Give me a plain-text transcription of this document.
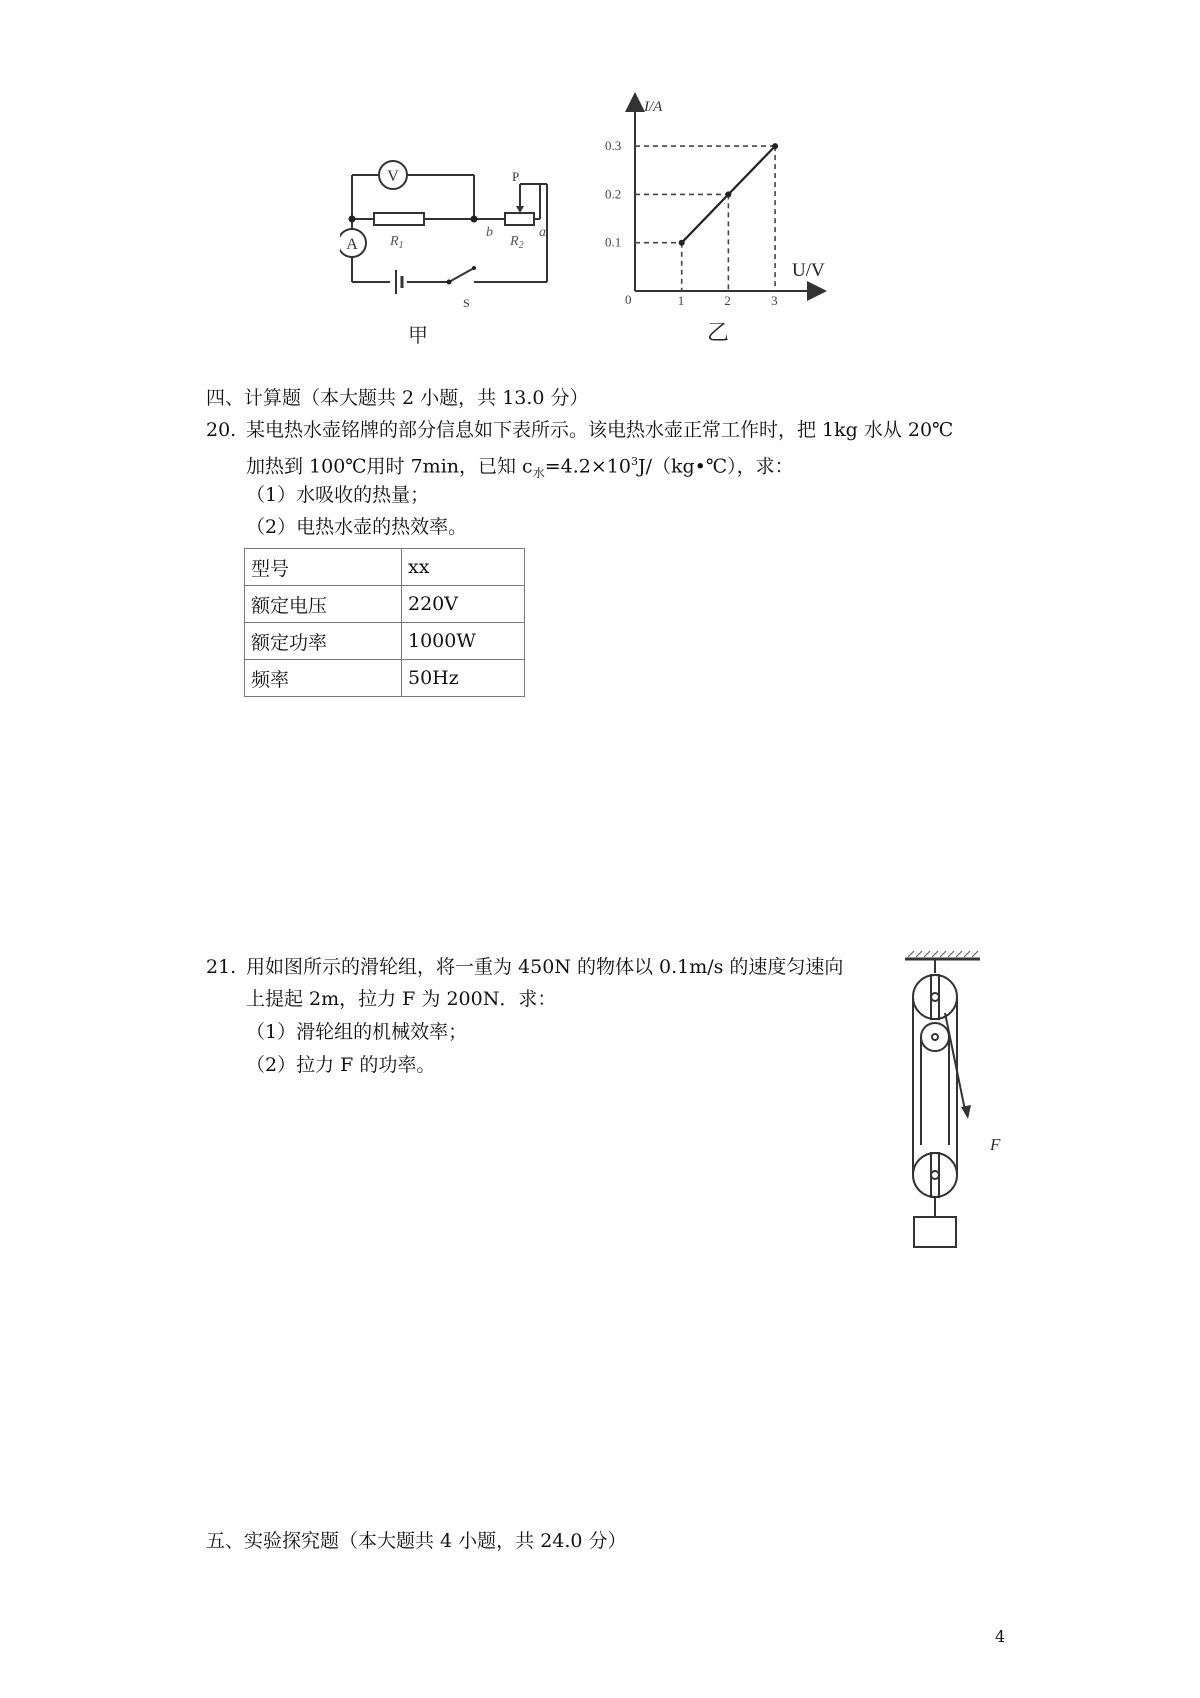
V
A $R_1$	$R_2$
P
b	a
S
甲
I/A
U/V
0	1	2	3
0.1
0.2
0.3
乙
四、计算题（本大题共 2 小题，共 13.0 分）
20. 某电热水壶铭牌的部分信息如下表所示。该电热水壶正常工作时，把 1kg 水从 20℃
加热到 100℃用时 7min，已知 $c_水=4.2\times 10^3J/(kg•℃)$，求：
（1）水吸收的热量；
（2）电热水壶的热效率。
型号	xx
额定电压	220V
额定功率	1000W
频率	50Hz
21. 用如图所示的滑轮组，将一重为 450N 的物体以 0.1m/s 的速度匀速向
上提起 2m，拉力 F 为 200N．求：
（1）滑轮组的机械效率；
（2）拉力 F 的功率。
F
五、实验探究题（本大题共 4 小题，共 24.0 分）
4
